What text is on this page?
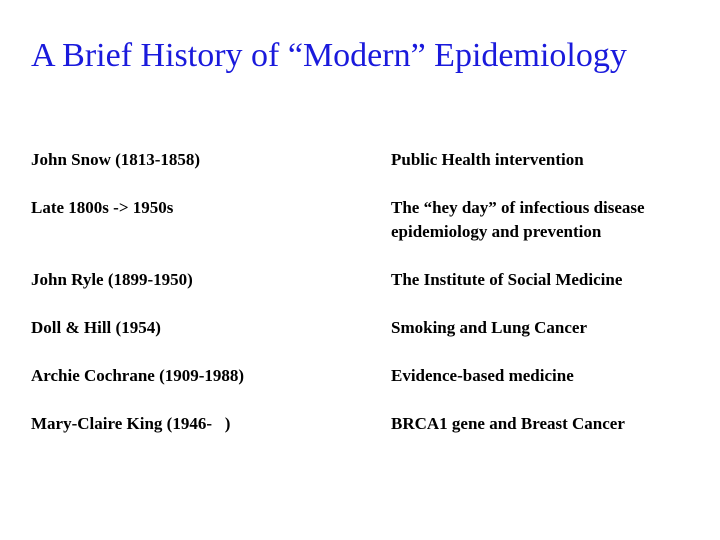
A Brief History of “Modern” Epidemiology
John Snow (1813-1858)	Public Health intervention
Late 1800s -> 1950s	The “hey day” of infectious disease
epidemiology and prevention
John Ryle (1899-1950)	The Institute of Social Medicine
Doll & Hill (1954)	Smoking and Lung Cancer
Archie Cochrane (1909-1988)	Evidence-based medicine
Mary-Claire King (1946-   )	BRCA1 gene and Breast Cancer
